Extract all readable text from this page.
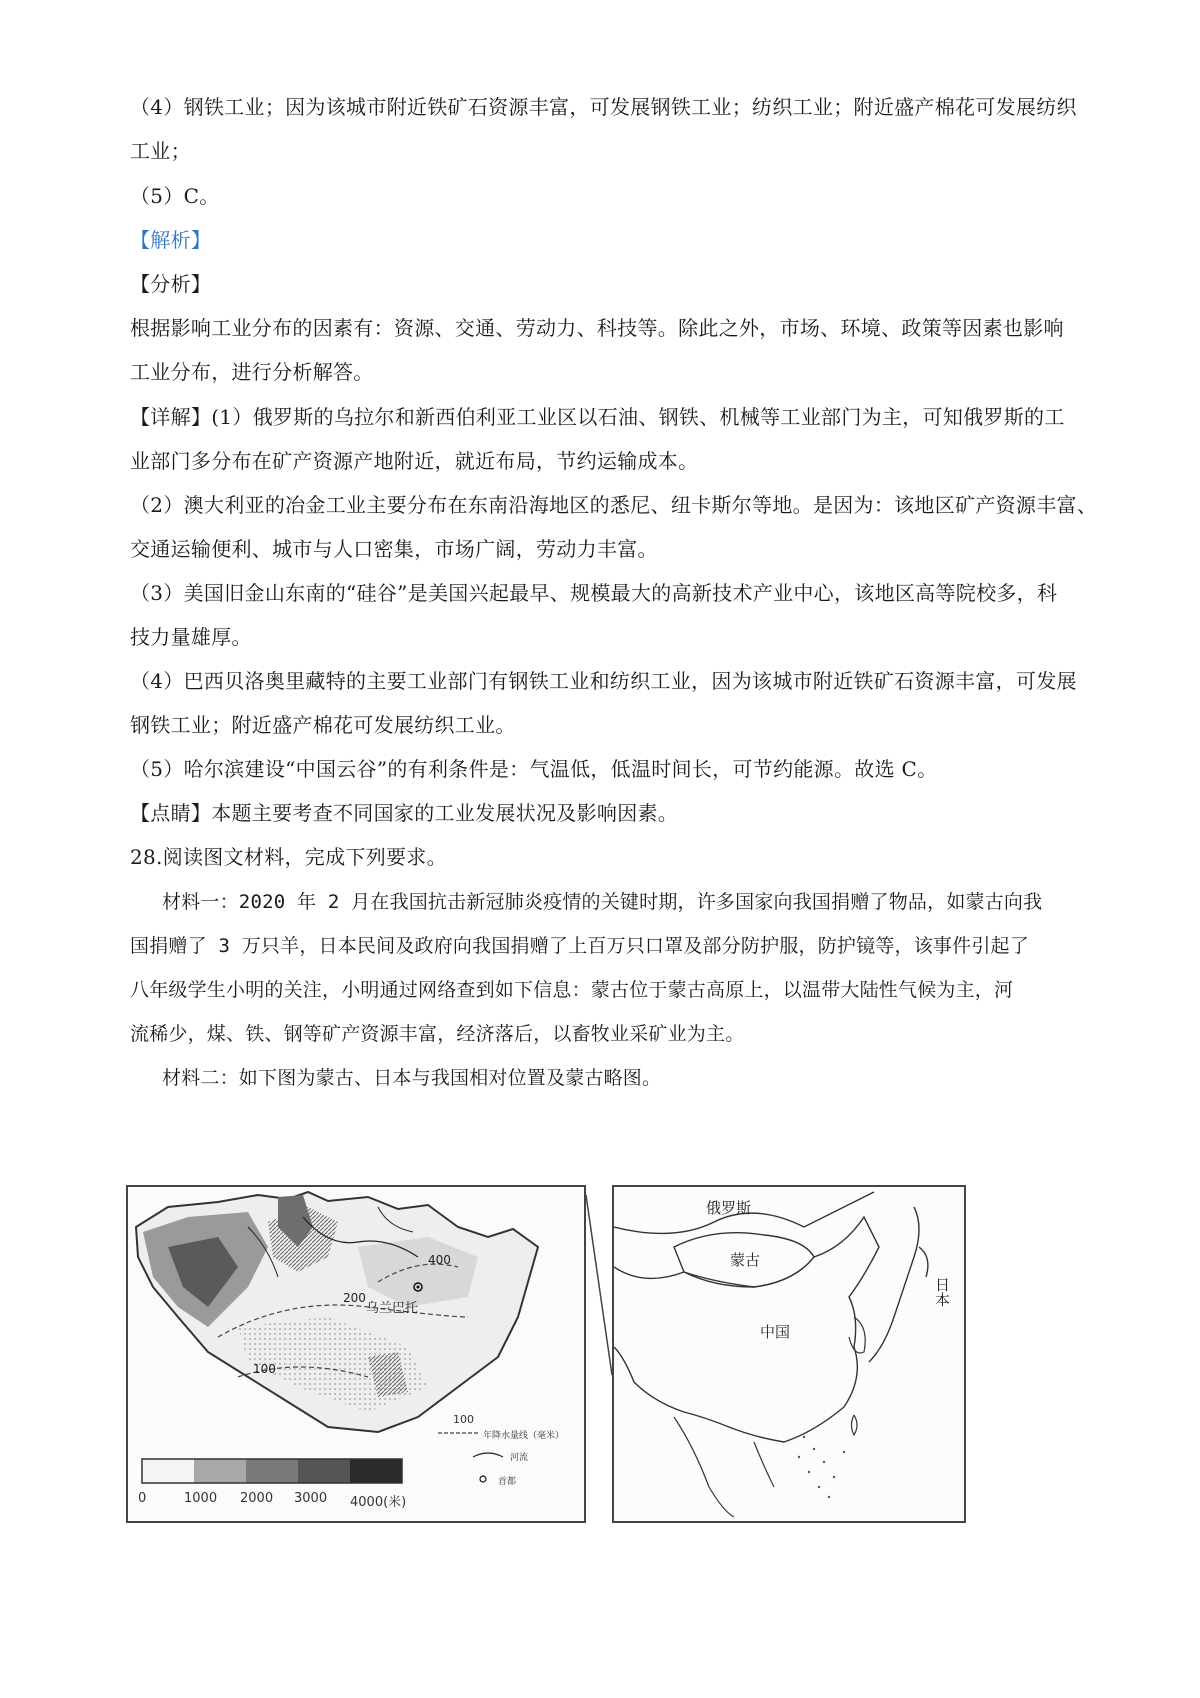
（4）钢铁工业；因为该城市附近铁矿石资源丰富，可发展钢铁工业；纺织工业；附近盛产棉花可发展纺织
工业；
（5）C。
【解析】
【分析】
根据影响工业分布的因素有：资源、交通、劳动力、科技等。除此之外，市场、环境、政策等因素也影响
工业分布，进行分析解答。
【详解】(1）俄罗斯的乌拉尔和新西伯利亚工业区以石油、钢铁、机械等工业部门为主，可知俄罗斯的工
业部门多分布在矿产资源产地附近，就近布局，节约运输成本。
（2）澳大利亚的冶金工业主要分布在东南沿海地区的悉尼、纽卡斯尔等地。是因为：该地区矿产资源丰富、
交通运输便利、城市与人口密集，市场广阔，劳动力丰富。
（3）美国旧金山东南的“硅谷”是美国兴起最早、规模最大的高新技术产业中心，该地区高等院校多，科
技力量雄厚。
（4）巴西贝洛奥里藏特的主要工业部门有钢铁工业和纺织工业，因为该城市附近铁矿石资源丰富，可发展
钢铁工业；附近盛产棉花可发展纺织工业。
（5）哈尔滨建设“中国云谷”的有利条件是：气温低，低温时间长，可节约能源。故选 C。
【点睛】本题主要考查不同国家的工业发展状况及影响因素。
28.阅读图文材料，完成下列要求。
材料一：2020 年 2 月在我国抗击新冠肺炎疫情的关键时期，许多国家向我国捐赠了物品，如蒙古向我
国捐赠了 3 万只羊，日本民间及政府向我国捐赠了上百万只口罩及部分防护服，防护镜等，该事件引起了
八年级学生小明的关注，小明通过网络查到如下信息：蒙古位于蒙古高原上，以温带大陆性气候为主，河
流稀少，煤、铁、钢等矿产资源丰富，经济落后，以畜牧业采矿业为主。
材料二：如下图为蒙古、日本与我国相对位置及蒙古略图。
乌兰巴托
400
200
100
100
年降水量线（毫米）
河流
首都
0	1000 2000 3000 4000(米)
俄罗斯
蒙古
中国
日本
